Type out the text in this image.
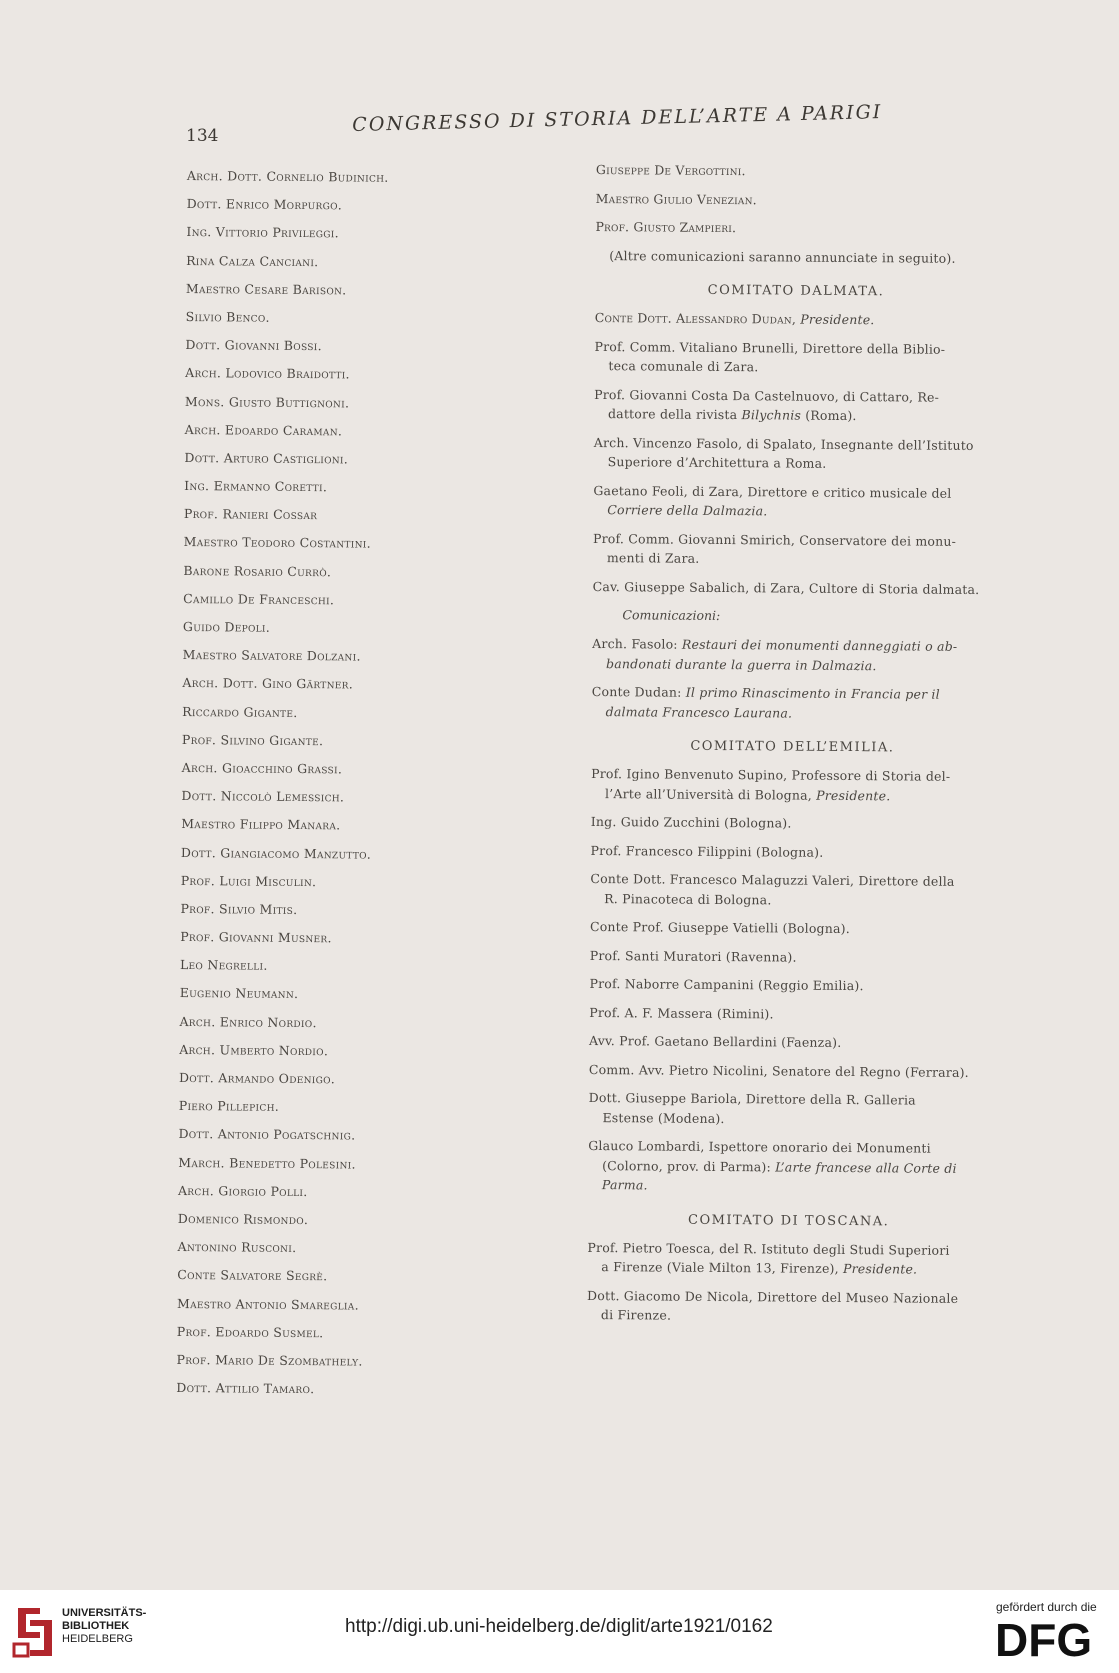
134
CONGRESSO DI STORIA DELL’ARTE A PARIGI
Arch. Dott. Cornelio Budinich.
Dott. Enrico Morpurgo.
Ing. Vittorio Privileggi.
Rina Calza Canciani.
Maestro Cesare Barison.
Silvio Benco.
Dott. Giovanni Bossi.
Arch. Lodovico Braidotti.
Mons. Giusto Buttignoni.
Arch. Edoardo Caraman.
Dott. Arturo Castiglioni.
Ing. Ermanno Coretti.
Prof. Ranieri Cossar
Maestro Teodoro Costantini.
Barone Rosario Currò.
Camillo De Franceschi.
Guido Depoli.
Maestro Salvatore Dolzani.
Arch. Dott. Gino Gärtner.
Riccardo Gigante.
Prof. Silvino Gigante.
Arch. Gioacchino Grassi.
Dott. Niccolò Lemessich.
Maestro Filippo Manara.
Dott. Giangiacomo Manzutto.
Prof. Luigi Misculin.
Prof. Silvio Mitis.
Prof. Giovanni Musner.
Leo Negrelli.
Eugenio Neumann.
Arch. Enrico Nordio.
Arch. Umberto Nordio.
Dott. Armando Odenigo.
Piero Pillepich.
Dott. Antonio Pogatschnig.
March. Benedetto Polesini.
Arch. Giorgio Polli.
Domenico Rismondo.
Antonino Rusconi.
Conte Salvatore Segrè.
Maestro Antonio Smareglia.
Prof. Edoardo Susmel.
Prof. Mario De Szombathely.
Dott. Attilio Tamaro.
Giuseppe De Vergottini.
Maestro Giulio Venezian.
Prof. Giusto Zampieri.
(Altre comunicazioni saranno annunciate in seguito).
COMITATO DALMATA.
Conte Dott. Alessandro Dudan, Presidente.
Prof. Comm. Vitaliano Brunelli, Direttore della Biblio-
teca comunale di Zara.
Prof. Giovanni Costa Da Castelnuovo, di Cattaro, Re-
dattore della rivista Bilychnis (Roma).
Arch. Vincenzo Fasolo, di Spalato, Insegnante dell’Istituto
Superiore d’Architettura a Roma.
Gaetano Feoli, di Zara, Direttore e critico musicale del
Corriere della Dalmazia.
Prof. Comm. Giovanni Smirich, Conservatore dei monu-
menti di Zara.
Cav. Giuseppe Sabalich, di Zara, Cultore di Storia dalmata.
Comunicazioni:
Arch. Fasolo: Restauri dei monumenti danneggiati o ab-
bandonati durante la guerra in Dalmazia.
Conte Dudan: Il primo Rinascimento in Francia per il
dalmata Francesco Laurana.
COMITATO DELL’EMILIA.
Prof. Igino Benvenuto Supino, Professore di Storia del-
l’Arte all’Università di Bologna, Presidente.
Ing. Guido Zucchini (Bologna).
Prof. Francesco Filippini (Bologna).
Conte Dott. Francesco Malaguzzi Valeri, Direttore della
R. Pinacoteca di Bologna.
Conte Prof. Giuseppe Vatielli (Bologna).
Prof. Santi Muratori (Ravenna).
Prof. Naborre Campanini (Reggio Emilia).
Prof. A. F. Massera (Rimini).
Avv. Prof. Gaetano Bellardini (Faenza).
Comm. Avv. Pietro Nicolini, Senatore del Regno (Ferrara).
Dott. Giuseppe Bariola, Direttore della R. Galleria
Estense (Modena).
Glauco Lombardi, Ispettore onorario dei Monumenti
(Colorno, prov. di Parma): L’arte francese alla Corte di
Parma.
COMITATO DI TOSCANA.
Prof. Pietro Toesca, del R. Istituto degli Studi Superiori
a Firenze (Viale Milton 13, Firenze), Presidente.
Dott. Giacomo De Nicola, Direttore del Museo Nazionale
di Firenze.
UNIVERSITÄTS-
BIBLIOTHEK
HEIDELBERG
http://digi.ub.uni-heidelberg.de/diglit/arte1921/0162
gefördert durch die
DFG
